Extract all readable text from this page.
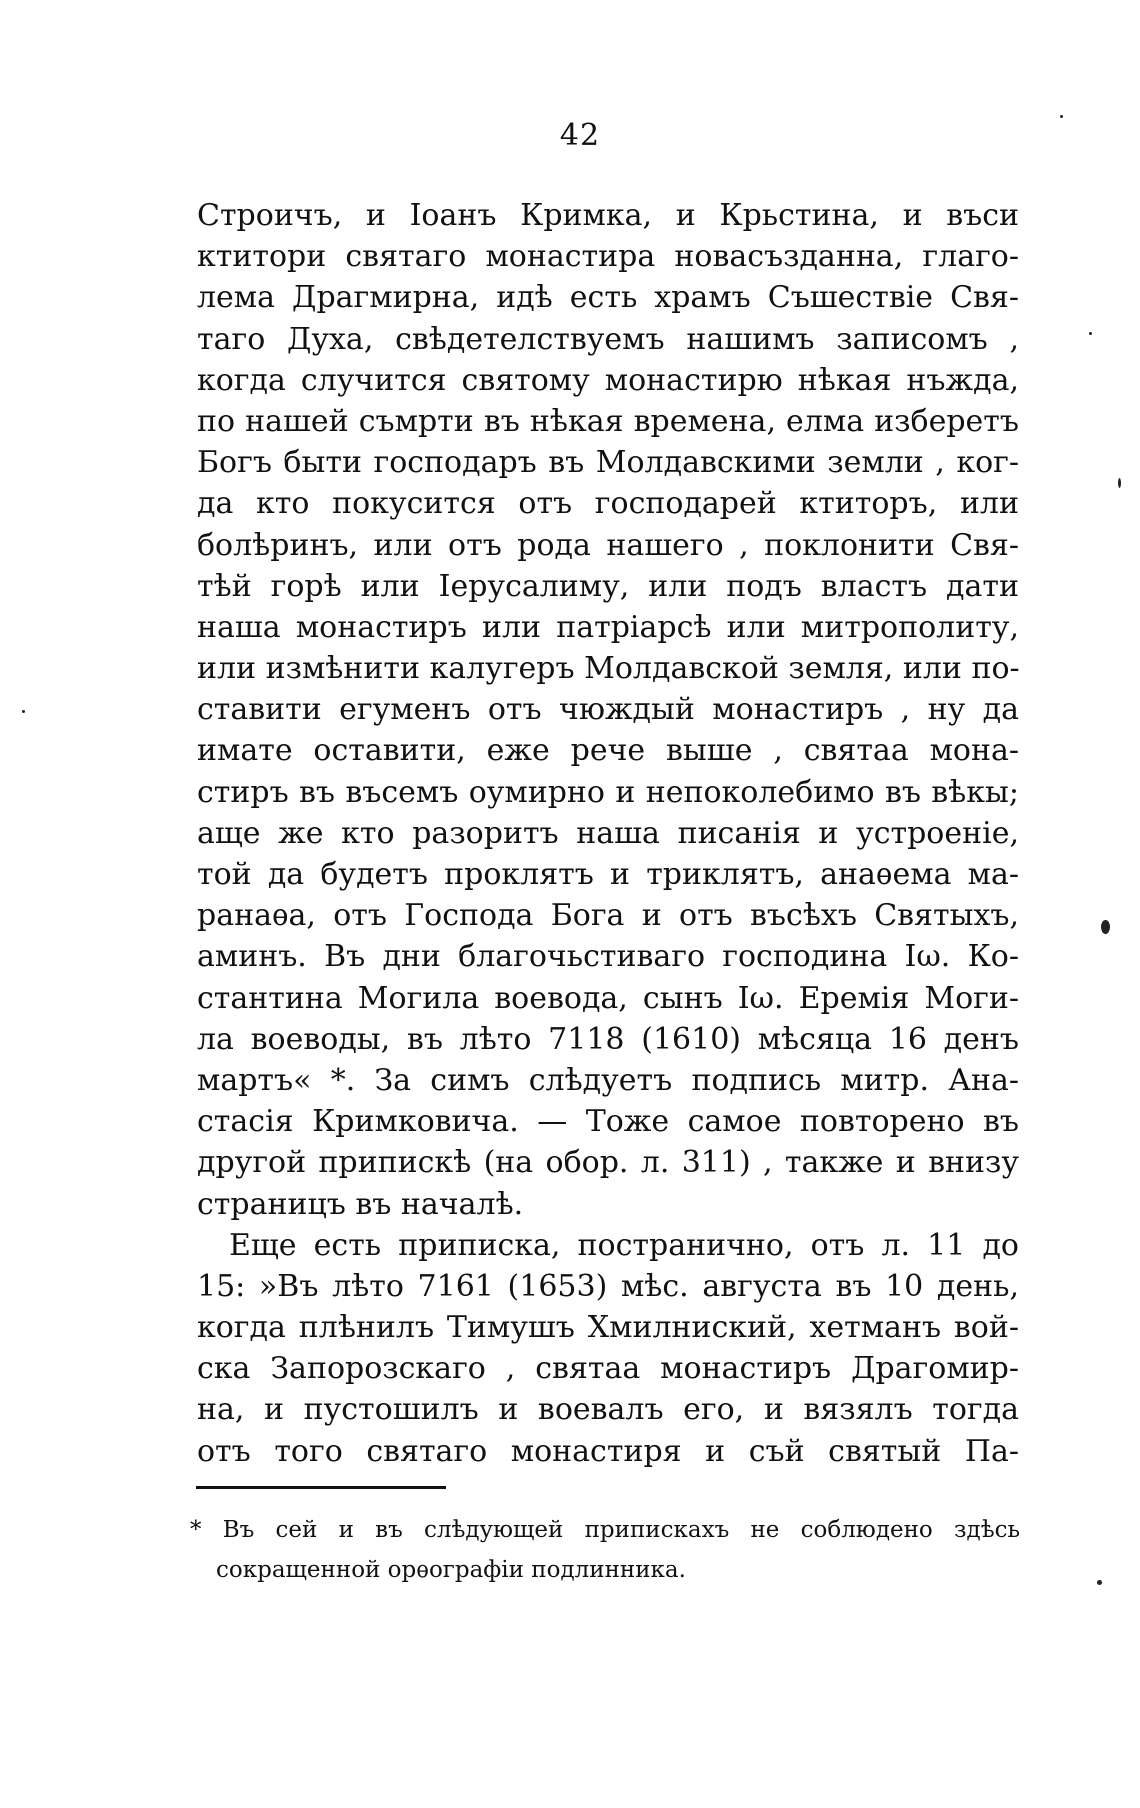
42
Строичъ, и Іоанъ Кримка, и Крьстина, и въси
ктитори святаго монастира новасъзданна, глаго-
лема Драгмирна, идѣ есть храмъ Съшествіе Свя-
таго Духа, свѣдетелствуемъ нашимъ записомъ ,
когда случится святому монастирю нѣкая нъжда,
по нашей съмрти въ нѣкая времена, елма изберетъ
Богъ быти господаръ въ Молдавскими земли , ког-
да кто покусится отъ господарей ктиторъ, или
болѣринъ, или отъ рода нашего , поклонити Свя-
тѣй горѣ или Іерусалиму, или подъ властъ дати
наша монастиръ или патріарсѣ или митрополиту,
или измѣнити калугеръ Молдавской земля, или по-
ставити егуменъ отъ чюждый монастиръ , ну да
имате оставити, еже рече выше , святаа мона-
стиръ въ въсемъ оумирно и непоколебимо въ вѣкы;
аще же кто разоритъ наша писанія и устроеніе,
той да будетъ проклятъ и триклятъ, анаѳема ма-
ранаѳа, отъ Господа Бога и отъ въсѣхъ Святыхъ,
аминъ. Въ дни благочьстиваго господина Іω. Ко-
стантина Могила воевода, сынъ Іω. Еремія Моги-
ла воеводы, въ лѣто 7118 (1610) мѣсяца 16 денъ
мартъ« *. За симъ слѣдуетъ подпись митр. Ана-
стасія Кримковича. — Тоже самое повторено въ
другой припискѣ (на обор. л. 311) , также и внизу
страницъ въ началѣ.
Еще есть приписка, постранично, отъ л. 11 до
15: »Въ лѣто 7161 (1653) мѣс. августа въ 10 день,
когда плѣнилъ Тимушъ Хмилниский, хетманъ вой-
ска Запорозскаго , святаа монастиръ Драгомир-
на, и пустошилъ и воевалъ его, и вязялъ тогда
отъ того святаго монастиря и съй святый Па-
* Въ сей и въ слѣдующей припискахъ не соблюдено здѣсь
сокращенной орѳографіи подлинника.
